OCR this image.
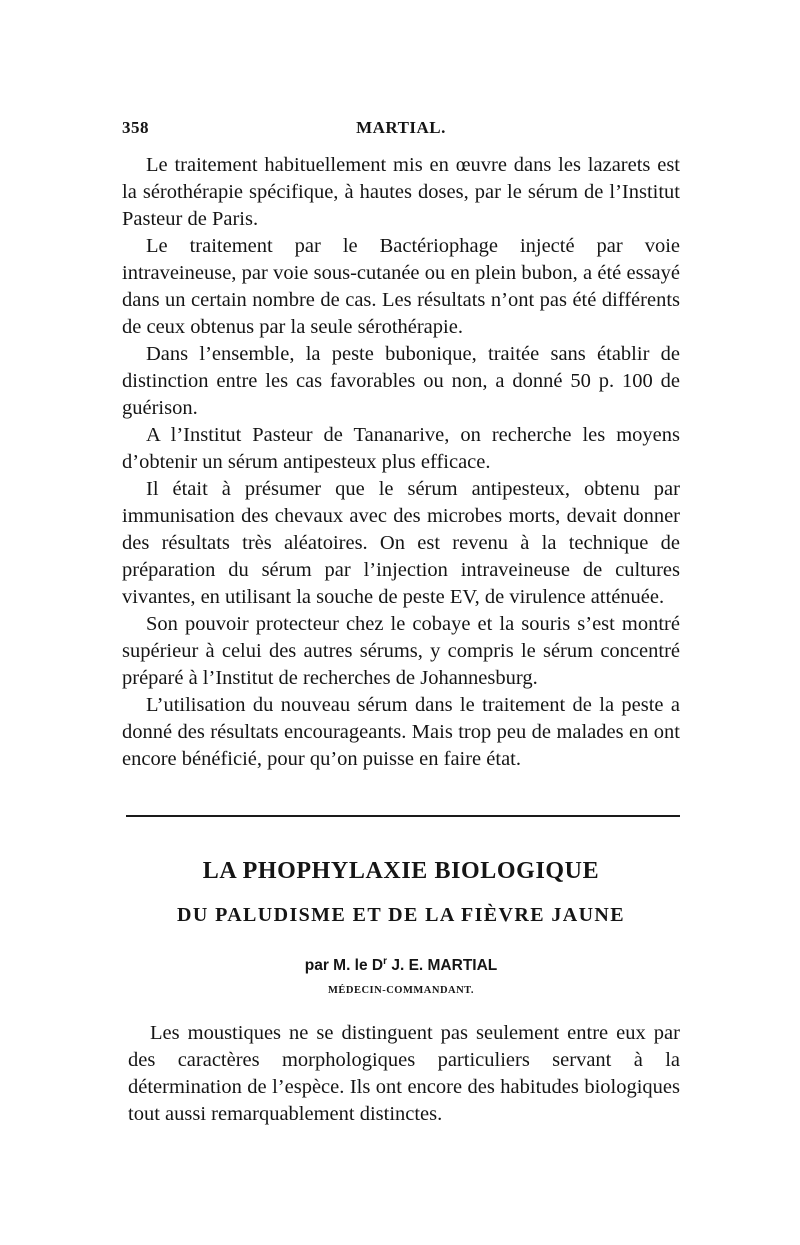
358	MARTIAL.

Le traitement habituellement mis en œuvre dans les lazarets est la sérothérapie spécifique, à hautes doses, par le sérum de l’Institut Pasteur de Paris.

Le traitement par le Bactériophage injecté par voie intraveineuse, par voie sous-cutanée ou en plein bubon, a été essayé dans un certain nombre de cas. Les résultats n’ont pas été différents de ceux obtenus par la seule sérothérapie.

Dans l’ensemble, la peste bubonique, traitée sans établir de distinction entre les cas favorables ou non, a donné 50 p. 100 de guérison.

A l’Institut Pasteur de Tananarive, on recherche les moyens d’obtenir un sérum antipesteux plus efficace.

Il était à présumer que le sérum antipesteux, obtenu par immunisation des chevaux avec des microbes morts, devait donner des résultats très aléatoires. On est revenu à la technique de préparation du sérum par l’injection intraveineuse de cultures vivantes, en utilisant la souche de peste EV, de virulence atténuée.

Son pouvoir protecteur chez le cobaye et la souris s’est montré supérieur à celui des autres sérums, y compris le sérum concentré préparé à l’Institut de recherches de Johannesburg.

L’utilisation du nouveau sérum dans le traitement de la peste a donné des résultats encourageants. Mais trop peu de malades en ont encore bénéficié, pour qu’on puisse en faire état.

LA PHOPHYLAXIE BIOLOGIQUE
DU PALUDISME ET DE LA FIÈVRE JAUNE
par M. le $D^r$ J. E. MARTIAL
MÉDECIN-COMMANDANT.

Les moustiques ne se distinguent pas seulement entre eux par des caractères morphologiques particuliers servant à la détermination de l’espèce. Ils ont encore des habitudes biologiques tout aussi remarquablement distinctes.
